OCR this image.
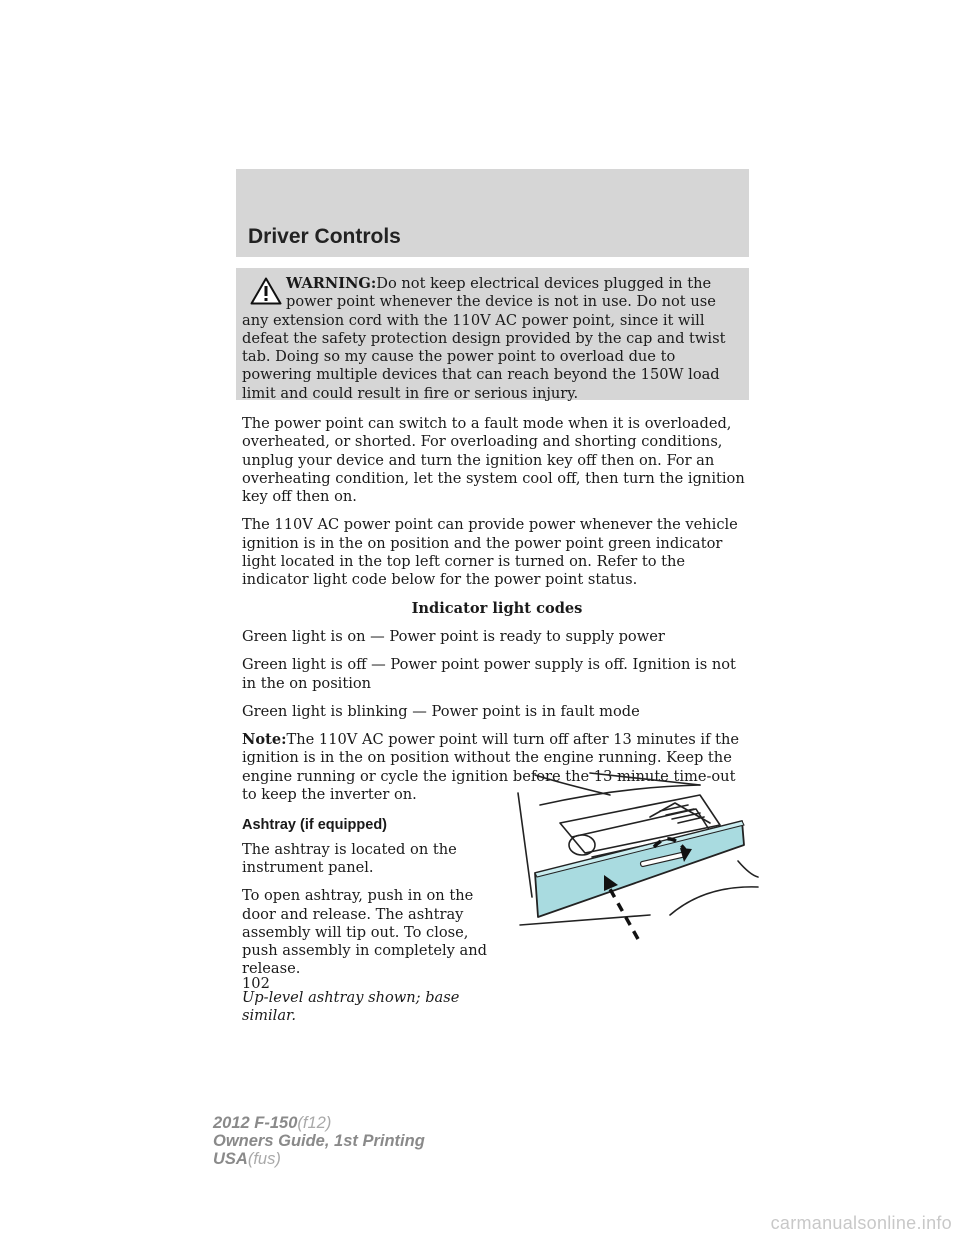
Driver Controls

WARNING:Do not keep electrical devices plugged in the power point whenever the device is not in use. Do not use any extension cord with the 110V AC power point, since it will defeat the safety protection design provided by the cap and twist tab. Doing so my cause the power point to overload due to powering multiple devices that can reach beyond the 150W load limit and could result in fire or serious injury.

The power point can switch to a fault mode when it is overloaded, overheated, or shorted. For overloading and shorting conditions, unplug your device and turn the ignition key off then on. For an overheating condition, let the system cool off, then turn the ignition key off then on.

The 110V AC power point can provide power whenever the vehicle ignition is in the on position and the power point green indicator light located in the top left corner is turned on. Refer to the indicator light code below for the power point status.

Indicator light codes

Green light is on — Power point is ready to supply power

Green light is off — Power point power supply is off. Ignition is not in the on position

Green light is blinking — Power point is in fault mode

Note:The 110V AC power point will turn off after 13 minutes if the ignition is in the on position without the engine running. Keep the engine running or cycle the ignition before the 13 minute time-out to keep the inverter on.

Ashtray (if equipped)

The ashtray is located on the instrument panel.

To open ashtray, push in on the door and release. The ashtray assembly will tip out. To close, push assembly in completely and release.

Up-level ashtray shown; base similar.

102
2012 F-150(f12)
Owners Guide, 1st Printing
USA(fus)
carmanualsonline.info
